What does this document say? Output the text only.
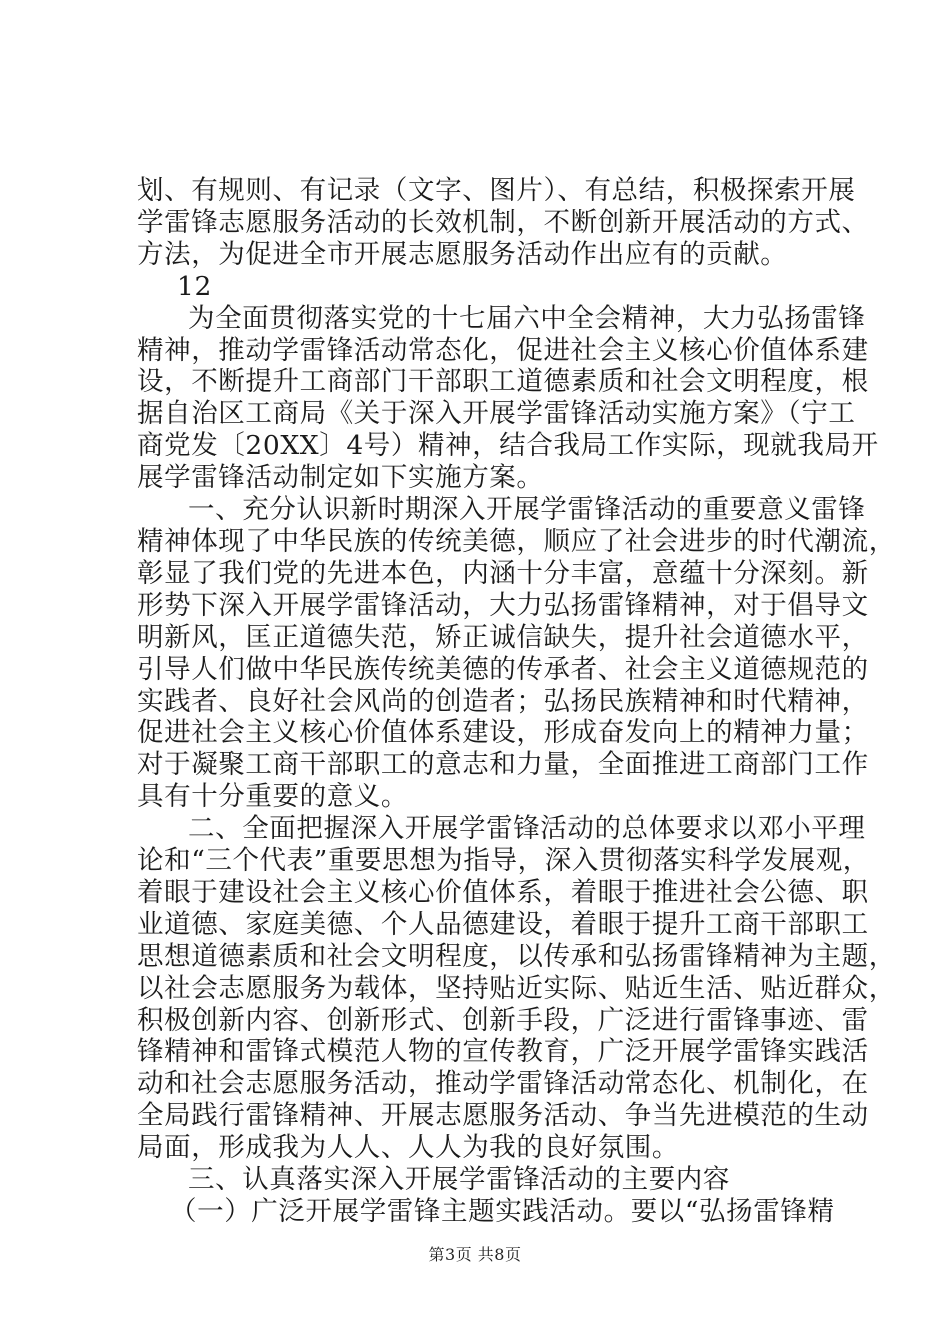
划、有规则、有记录（文字、图片）、有总结，积极探索开展
学雷锋志愿服务活动的长效机制，不断创新开展活动的方式、
方法，为促进全市开展志愿服务活动作出应有的贡献。
12
为全面贯彻落实党的十七届六中全会精神，大力弘扬雷锋
精神，推动学雷锋活动常态化，促进社会主义核心价值体系建
设，不断提升工商部门干部职工道德素质和社会文明程度，根
据自治区工商局《关于深入开展学雷锋活动实施方案》（宁工
商党发〔20XX〕4号）精神，结合我局工作实际，现就我局开
展学雷锋活动制定如下实施方案。
一、充分认识新时期深入开展学雷锋活动的重要意义雷锋
精神体现了中华民族的传统美德，顺应了社会进步的时代潮流，
彰显了我们党的先进本色，内涵十分丰富，意蕴十分深刻。新
形势下深入开展学雷锋活动，大力弘扬雷锋精神，对于倡导文
明新风，匡正道德失范，矫正诚信缺失，提升社会道德水平，
引导人们做中华民族传统美德的传承者、社会主义道德规范的
实践者、良好社会风尚的创造者；弘扬民族精神和时代精神，
促进社会主义核心价值体系建设，形成奋发向上的精神力量；
对于凝聚工商干部职工的意志和力量，全面推进工商部门工作
具有十分重要的意义。
二、全面把握深入开展学雷锋活动的总体要求以邓小平理
论和“三个代表”重要思想为指导，深入贯彻落实科学发展观，
着眼于建设社会主义核心价值体系，着眼于推进社会公德、职
业道德、家庭美德、个人品德建设，着眼于提升工商干部职工
思想道德素质和社会文明程度，以传承和弘扬雷锋精神为主题，
以社会志愿服务为载体，坚持贴近实际、贴近生活、贴近群众，
积极创新内容、创新形式、创新手段，广泛进行雷锋事迹、雷
锋精神和雷锋式模范人物的宣传教育，广泛开展学雷锋实践活
动和社会志愿服务活动，推动学雷锋活动常态化、机制化，在
全局践行雷锋精神、开展志愿服务活动、争当先进模范的生动
局面，形成我为人人、人人为我的良好氛围。
三、认真落实深入开展学雷锋活动的主要内容
（一）广泛开展学雷锋主题实践活动。要以“弘扬雷锋精
第3页 共8页
